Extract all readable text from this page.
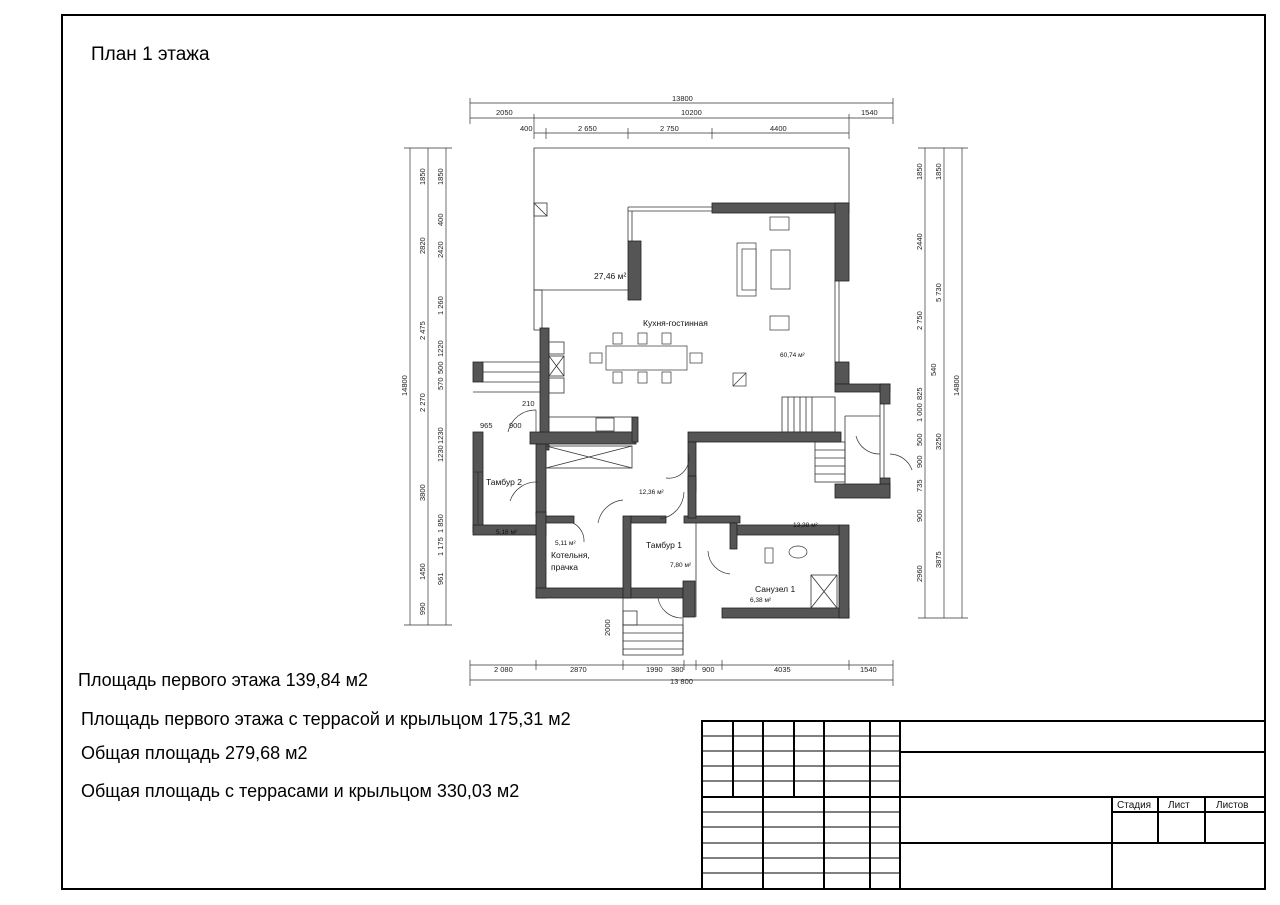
13800
2050	10200	1540
400	2 650	2 750	4400
2 080	2870	1990 380 900	4035	1540
13 800
1850
2820
2 475
2 270
3800
1450
990
14800
1850
400
2420
1 260
1220
570
500
1230
1230
1 850
1 175
961
1850
2440
2 750
825
1 000
500
900
735
900
2960
1850
5 730
3250
3875
14800
540
Кухня-гостинная
60,74 м²
27,46 м²
Тамбур 2
5,16 м²
12,36 м²
Котельня,
прачка
5,11 м²	Тамбур 1
7,80 м²
Санузел 1
6,38 м²
13,38 м²
965 900
210
2000
Стадия Лист	Листов
План 1 этажа
Площадь первого этажа 139,84 м2
Площадь первого этажа с террасой и крыльцом 175,31 м2
Общая площадь 279,68 м2
Общая площадь с террасами и крыльцом 330,03 м2
